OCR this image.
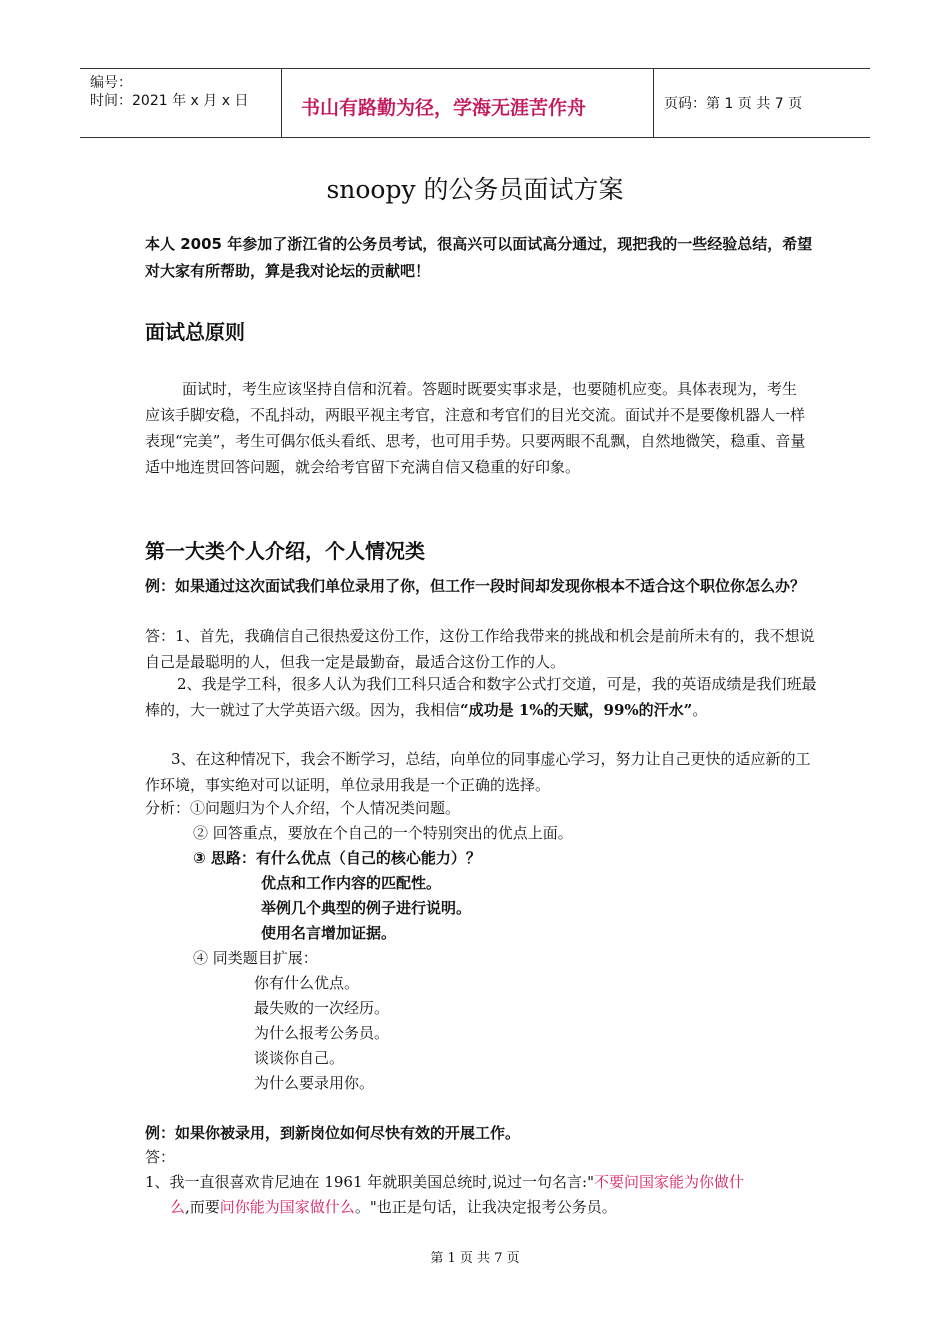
编号：
时间：2021 年 x 月 x 日	书山有路勤为径，学海无涯苦作舟	页码：第 1 页 共 7 页
snoopy 的公务员面试方案
本人 2005 年参加了浙江省的公务员考试，很高兴可以面试高分通过，现把我的一些经验总结，希望对大家有所帮助，算是我对论坛的贡献吧！
面试总原则
面试时，考生应该坚持自信和沉着。答题时既要实事求是，也要随机应变。具体表现为，考生应该手脚安稳，不乱抖动，两眼平视主考官，注意和考官们的目光交流。面试并不是要像机器人一样表现“完美”，考生可偶尔低头看纸、思考，也可用手势。只要两眼不乱飘，自然地微笑，稳重、音量适中地连贯回答问题，就会给考官留下充满自信又稳重的好印象。
第一大类个人介绍，个人情况类
例：如果通过这次面试我们单位录用了你，但工作一段时间却发现你根本不适合这个职位你怎么办？
答：1、首先，我确信自己很热爱这份工作，这份工作给我带来的挑战和机会是前所未有的，我不想说自己是最聪明的人，但我一定是最勤奋，最适合这份工作的人。
2、我是学工科，很多人认为我们工科只适合和数字公式打交道，可是，我的英语成绩是我们班最棒的，大一就过了大学英语六级。因为，我相信“成功是 1%的天赋，99%的汗水”。
3、在这种情况下，我会不断学习，总结，向单位的同事虚心学习，努力让自己更快的适应新的工作环境，事实绝对可以证明，单位录用我是一个正确的选择。
分析：①问题归为个人介绍，个人情况类问题。
② 回答重点，要放在个自己的一个特别突出的优点上面。
③ 思路：有什么优点（自己的核心能力）？
优点和工作内容的匹配性。
举例几个典型的例子进行说明。
使用名言增加证据。
④ 同类题目扩展：
你有什么优点。
最失败的一次经历。
为什么报考公务员。
谈谈你自己。
为什么要录用你。
例：如果你被录用，到新岗位如何尽快有效的开展工作。
答：
1、我一直很喜欢肯尼迪在 1961 年就职美国总统时,说过一句名言:"不要问国家能为你做什
么,而要问你能为国家做什么。"也正是句话，让我决定报考公务员。
第 1 页 共 7 页
